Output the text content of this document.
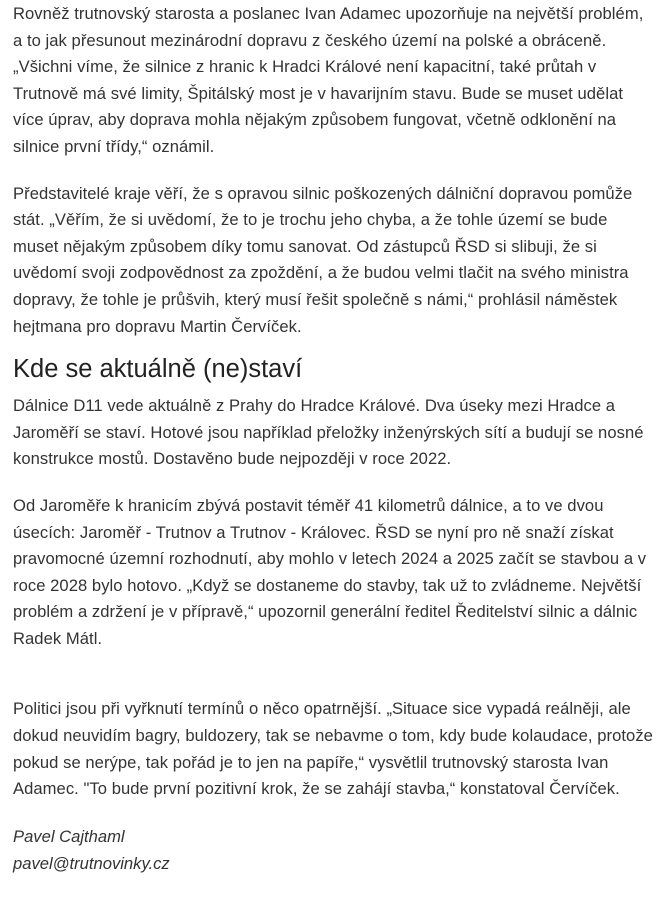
Rovněž trutnovský starosta a poslanec Ivan Adamec upozorňuje na největší problém, a to jak přesunout mezinárodní dopravu z českého území na polské a obráceně. „Všichni víme, že silnice z hranic k Hradci Králové není kapacitní, také průtah v Trutnově má své limity, Špitálský most je v havarijním stavu. Bude se muset udělat více úprav, aby doprava mohla nějakým způsobem fungovat, včetně odklonění na silnice první třídy,“ oznámil.

Představitelé kraje věří, že s opravou silnic poškozených dálniční dopravou pomůže stát. „Věřím, že si uvědomí, že to je trochu jeho chyba, a že tohle území se bude muset nějakým způsobem díky tomu sanovat. Od zástupců ŘSD si slibuji, že si uvědomí svoji zodpovědnost za zpoždění, a že budou velmi tlačit na svého ministra dopravy, že tohle je průšvih, který musí řešit společně s námi,“ prohlásil náměstek hejtmana pro dopravu Martin Červíček.

Kde se aktuálně (ne)staví

Dálnice D11 vede aktuálně z Prahy do Hradce Králové. Dva úseky mezi Hradce a Jaroměří se staví. Hotové jsou například přeložky inženýrských sítí a budují se nosné konstrukce mostů. Dostavěno bude nejpozději v roce 2022.

Od Jaroměře k hranicím zbývá postavit téměř 41 kilometrů dálnice, a to ve dvou úsecích: Jaroměř - Trutnov a Trutnov - Královec. ŘSD se nyní pro ně snaží získat pravomocné územní rozhodnutí, aby mohlo v letech 2024 a 2025 začít se stavbou a v roce 2028 bylo hotovo. „Když se dostaneme do stavby, tak už to zvládneme. Největší problém a zdržení je v přípravě,“ upozornil generální ředitel Ředitelství silnic a dálnic Radek Mátl.

Politici jsou při vyřknutí termínů o něco opatrnější. „Situace sice vypadá reálněji, ale dokud neuvidím bagry, buldozery, tak se nebavme o tom, kdy bude kolaudace, protože pokud se nerýpe, tak pořád je to jen na papíře,“ vysvětlil trutnovský starosta Ivan Adamec. "To bude první pozitivní krok, že se zahájí stavba,“ konstatoval Červíček.

Pavel Cajthaml
pavel@trutnovinky.cz
